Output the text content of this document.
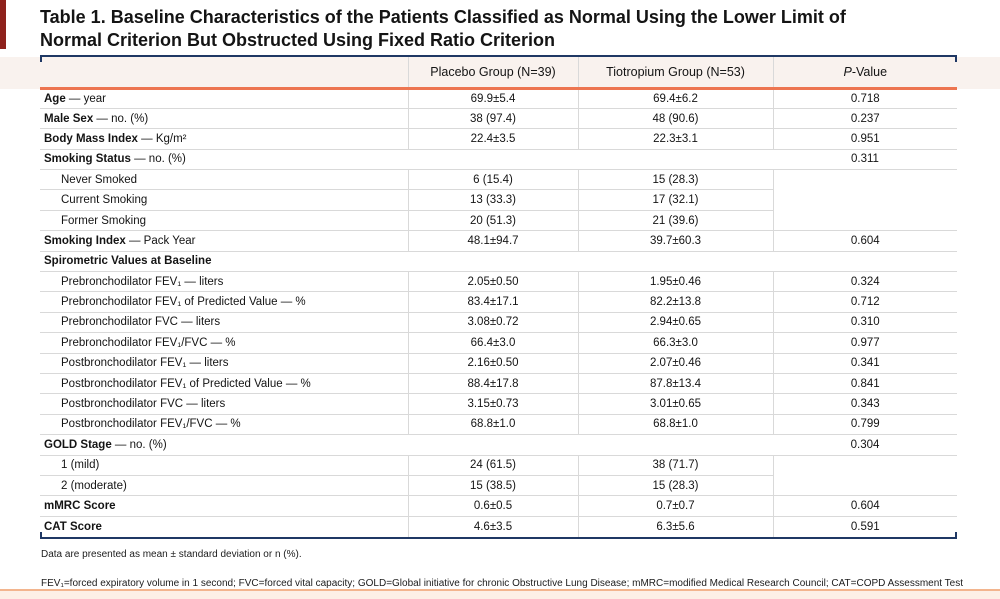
Table 1. Baseline Characteristics of the Patients Classified as Normal Using the Lower Limit of
Normal Criterion But Obstructed Using Fixed Ratio Criterion
	Placebo Group (N=39)	Tiotropium Group (N=53)	P-Value
Age — year	69.9±5.4	69.4±6.2	0.718
Male Sex — no. (%)	38 (97.4)	48 (90.6)	0.237
Body Mass Index — Kg/m²	22.4±3.5	22.3±3.1	0.951
Smoking Status — no. (%)			0.311
Never Smoked	6 (15.4)	15 (28.3)	
Current Smoking	13 (33.3)	17 (32.1)	
Former Smoking	20 (51.3)	21 (39.6)	
Smoking Index — Pack Year	48.1±94.7	39.7±60.3	0.604
Spirometric Values at Baseline			
Prebronchodilator FEV₁ — liters	2.05±0.50	1.95±0.46	0.324
Prebronchodilator FEV₁ of Predicted Value — %	83.4±17.1	82.2±13.8	0.712
Prebronchodilator FVC — liters	3.08±0.72	2.94±0.65	0.310
Prebronchodilator FEV₁/FVC — %	66.4±3.0	66.3±3.0	0.977
Postbronchodilator FEV₁ — liters	2.16±0.50	2.07±0.46	0.341
Postbronchodilator FEV₁ of Predicted Value — %	88.4±17.8	87.8±13.4	0.841
Postbronchodilator FVC — liters	3.15±0.73	3.01±0.65	0.343
Postbronchodilator FEV₁/FVC — %	68.8±1.0	68.8±1.0	0.799
GOLD Stage — no. (%)			0.304
1 (mild)	24 (61.5)	38 (71.7)	
2 (moderate)	15 (38.5)	15 (28.3)	
mMRC Score	0.6±0.5	0.7±0.7	0.604
CAT Score	4.6±3.5	6.3±5.6	0.591
Data are presented as mean ± standard deviation or n (%).
FEV₁=forced expiratory volume in 1 second; FVC=forced vital capacity; GOLD=Global initiative for chronic Obstructive Lung Disease; mMRC=modified Medical Research Council; CAT=COPD Assessment Test
